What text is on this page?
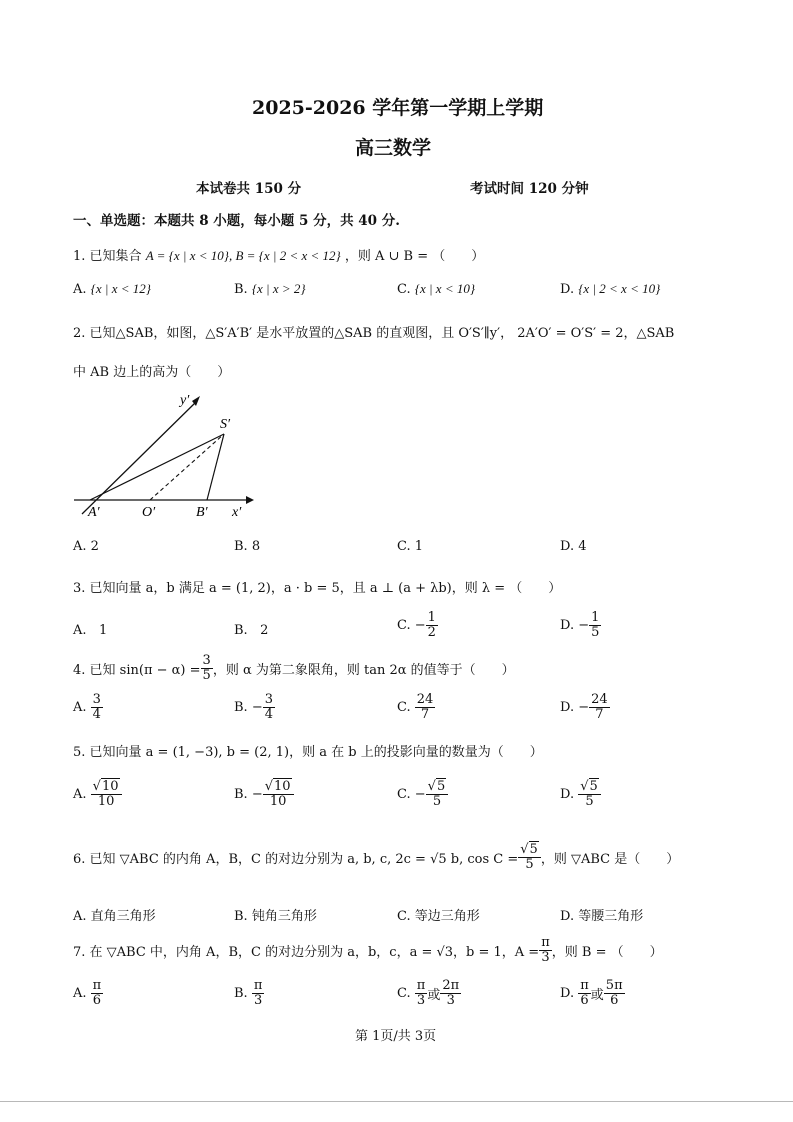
2025-2026 学年第一学期上学期
高三数学
本试卷共 150 分	考试时间 120 分钟
一、单选题：本题共 8 小题，每小题 5 分，共 40 分.
1. 已知集合 A = {x | x < 10}, B = {x | 2 < x < 12} ，则 A ∪ B = （　　）
A. {x | x < 12}	B. {x | x > 2}	C. {x | x < 10}	D. {x | 2 < x < 10}
2. 已知△SAB，如图，△S′A′B′ 是水平放置的△SAB 的直观图，且 O′S′∥y′， 2A′O′ = O′S′ = 2，△SAB
中 AB 边上的高为（　　）
y′
S′
A′	O′	B′ x′
A. 2	B. 8	C. 1	D. 4
3. 已知向量 a，b 满足 a = (1, 2)，a · b = 5，且 a ⊥ (a + λb)，则 λ = （　　）
A. 1	B. 2	C. − $\frac{1}{2}$	D. − $\frac{1}{5}$
4. 已知 $\sin(\pi - \alpha) = \frac{3}{5}$ ，则 α 为第二象限角，则 tan 2α 的值等于（　　）
A. $\frac{3}{4}$	B. − $\frac{3}{4}$	C. $\frac{24}{7}$	D. − $\frac{24}{7}$
5. 已知向量 a = (1, −3), b = (2, 1)，则 a 在 b 上的投影向量的数量为（　　）
A. $\frac{√10}{10}$	B. − $\frac{√10}{10}$	C. − $\frac{√5}{5}$	D. $\frac{√5}{5}$
6. 已知 ▽ABC 的内角 A，B，C 的对边分别为 a, b, c, 2c = √5 b, $\cos C = \frac{√5}{5}$ ，则 ▽ABC 是（　　）
A. 直角三角形	B. 钝角三角形	C. 等边三角形	D. 等腰三角形
7. 在 ▽ABC 中，内角 A，B，C 的对边分别为 a，b，c，a = √3，b = 1，$A = \frac{\pi}{3}$ ，则 B = （　　）
A. $\frac{\pi}{6}$	B. $\frac{\pi}{3}$	C. $\frac{\pi}{3}$ 或 $\frac{2\pi}{3}$	D. $\frac{\pi}{6}$ 或 $\frac{5\pi}{6}$
第 1页/共 3页
